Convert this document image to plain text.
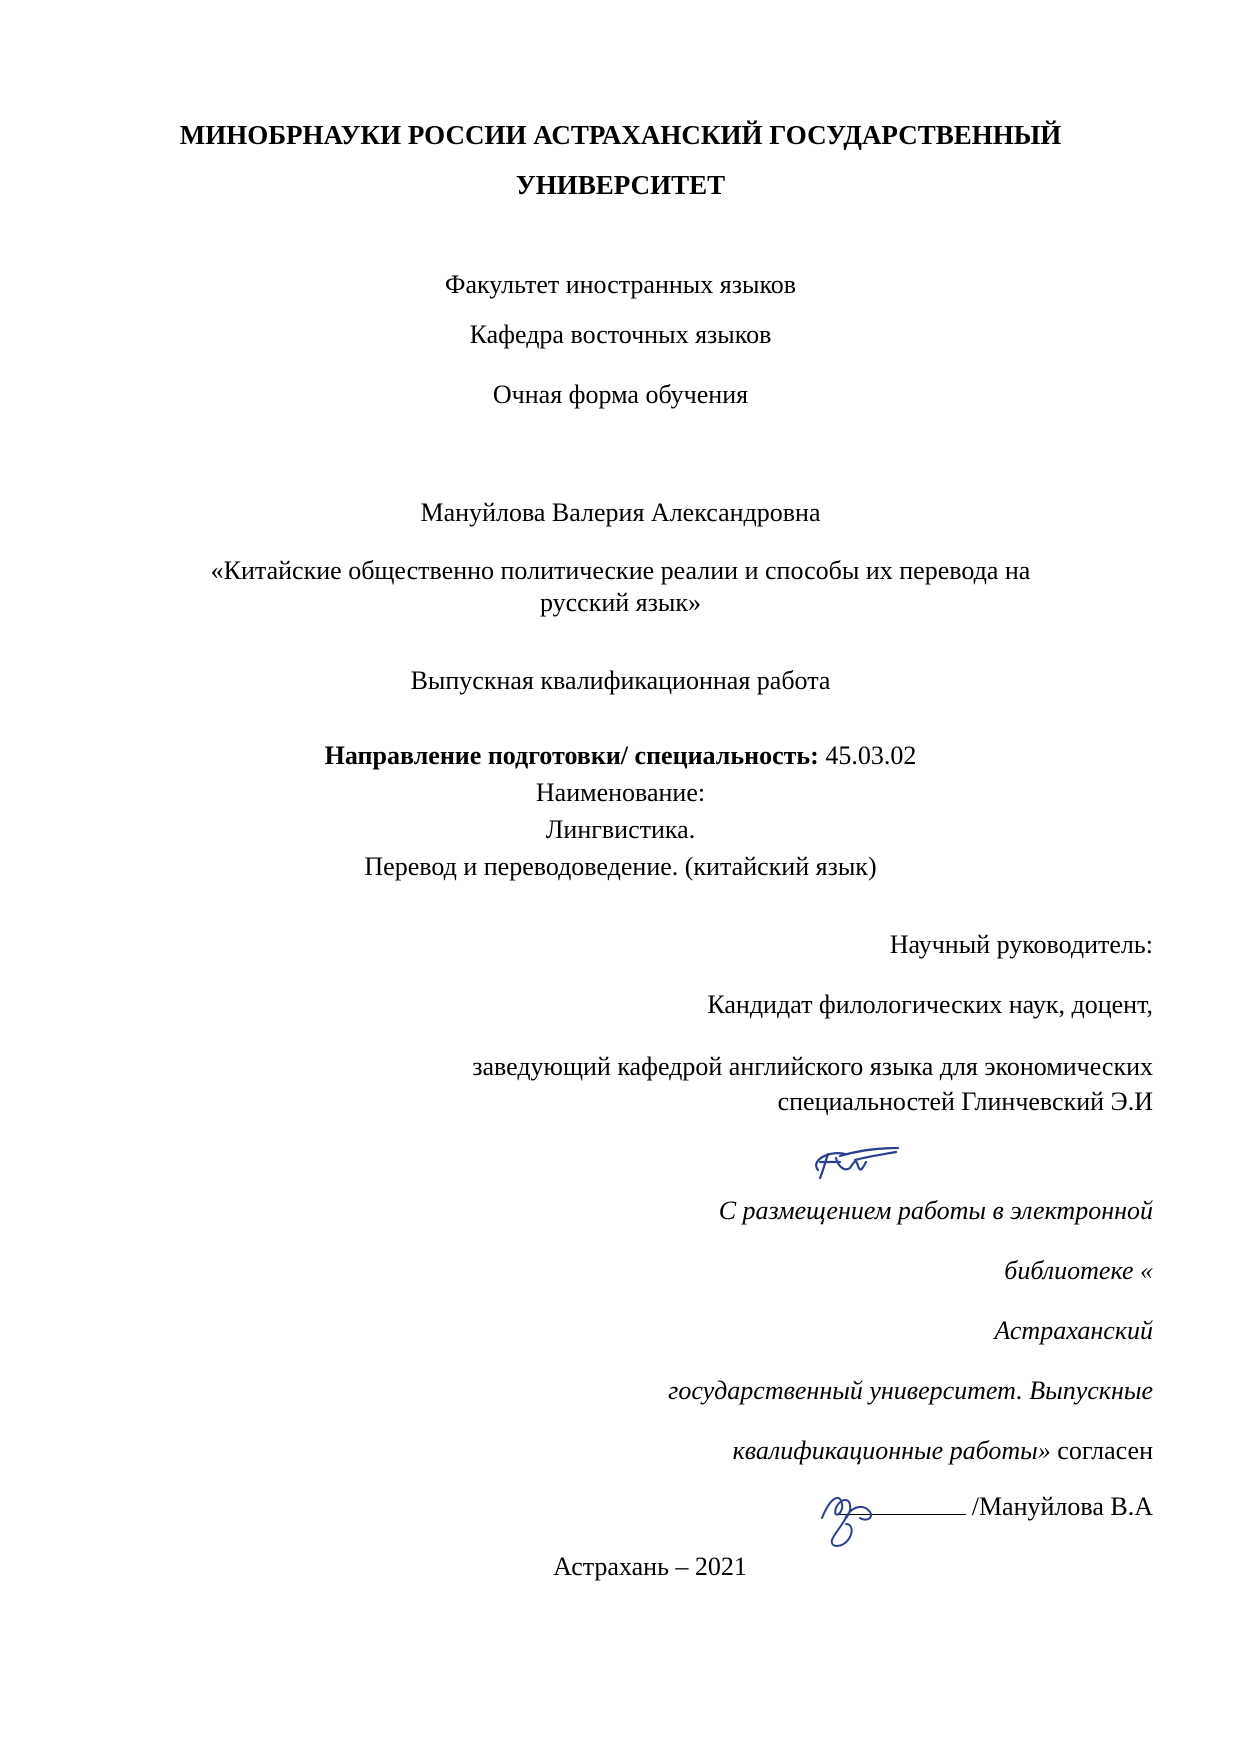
МИНОБРНАУКИ РОССИИ АСТРАХАНСКИЙ ГОСУДАРСТВЕННЫЙ
УНИВЕРСИТЕТ
Факультет иностранных языков
Кафедра восточных языков
Очная форма обучения
Мануйлова Валерия Александровна
«Китайские общественно политические реалии и способы их перевода на
русский язык»
Выпускная квалификационная работа
Направление подготовки/ специальность: 45.03.02
Наименование:
Лингвистика.
Перевод и переводоведение. (китайский язык)
Научный руководитель:
Кандидат филологических наук, доцент,
заведующий кафедрой английского языка для экономических
специальностей Глинчевский Э.И
С размещением работы в электронной
библиотеке «
Астраханский
государственный университет. Выпускные
квалификационные работы» согласен
/Мануйлова В.А
Астрахань – 2021
